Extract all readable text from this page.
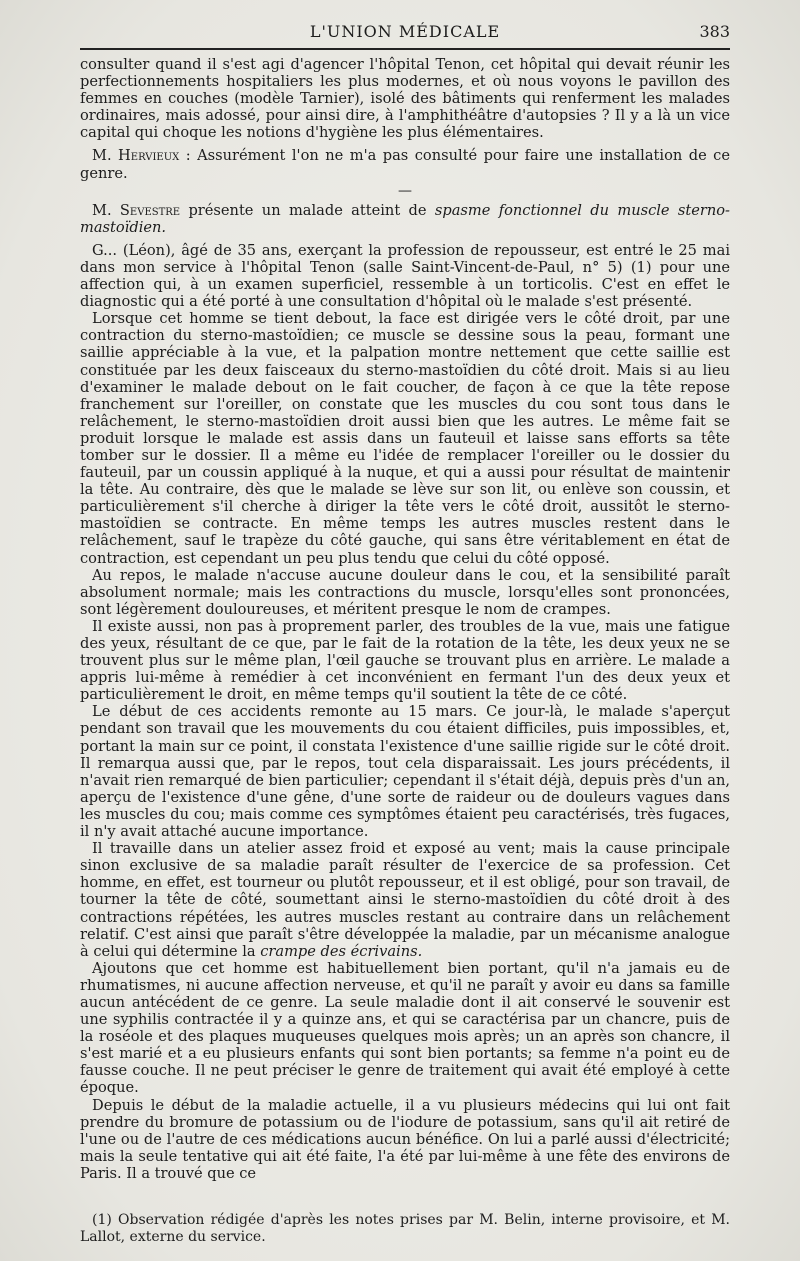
L'UNION MÉDICALE	383

consulter quand il s'est agi d'agencer l'hôpital Tenon, cet hôpital qui devait réunir les perfectionnements hospitaliers les plus modernes, et où nous voyons le pavillon des femmes en couches (modèle Tarnier), isolé des bâtiments qui renferment les malades ordinaires, mais adossé, pour ainsi dire, à l'amphithéâtre d'autopsies ? Il y a là un vice capital qui choque les notions d'hygiène les plus élémentaires.

M. Hervieux : Assurément l'on ne m'a pas consulté pour faire une installation de ce genre.

—

M. Sevestre présente un malade atteint de spasme fonctionnel du muscle sterno-mastoïdien.

G... (Léon), âgé de 35 ans, exerçant la profession de repousseur, est entré le 25 mai dans mon service à l'hôpital Tenon (salle Saint-Vincent-de-Paul, n° 5) (1) pour une affection qui, à un examen superficiel, ressemble à un torticolis. C'est en effet le diagnostic qui a été porté à une consultation d'hôpital où le malade s'est présenté.

Lorsque cet homme se tient debout, la face est dirigée vers le côté droit, par une contraction du sterno-mastoïdien; ce muscle se dessine sous la peau, formant une saillie appréciable à la vue, et la palpation montre nettement que cette saillie est constituée par les deux faisceaux du sterno-mastoïdien du côté droit. Mais si au lieu d'examiner le malade debout on le fait coucher, de façon à ce que la tête repose franchement sur l'oreiller, on constate que les muscles du cou sont tous dans le relâchement, le sterno-mastoïdien droit aussi bien que les autres. Le même fait se produit lorsque le malade est assis dans un fauteuil et laisse sans efforts sa tête tomber sur le dossier. Il a même eu l'idée de remplacer l'oreiller ou le dossier du fauteuil, par un coussin appliqué à la nuque, et qui a aussi pour résultat de maintenir la tête. Au contraire, dès que le malade se lève sur son lit, ou enlève son coussin, et particulièrement s'il cherche à diriger la tête vers le côté droit, aussitôt le sterno-mastoïdien se contracte. En même temps les autres muscles restent dans le relâchement, sauf le trapèze du côté gauche, qui sans être véritablement en état de contraction, est cependant un peu plus tendu que celui du côté opposé.

Au repos, le malade n'accuse aucune douleur dans le cou, et la sensibilité paraît absolument normale; mais les contractions du muscle, lorsqu'elles sont prononcées, sont légèrement douloureuses, et méritent presque le nom de crampes.

Il existe aussi, non pas à proprement parler, des troubles de la vue, mais une fatigue des yeux, résultant de ce que, par le fait de la rotation de la tête, les deux yeux ne se trouvent plus sur le même plan, l'œil gauche se trouvant plus en arrière. Le malade a appris lui-même à remédier à cet inconvénient en fermant l'un des deux yeux et particulièrement le droit, en même temps qu'il soutient la tête de ce côté.

Le début de ces accidents remonte au 15 mars. Ce jour-là, le malade s'aperçut pendant son travail que les mouvements du cou étaient difficiles, puis impossibles, et, portant la main sur ce point, il constata l'existence d'une saillie rigide sur le côté droit. Il remarqua aussi que, par le repos, tout cela disparaissait. Les jours précédents, il n'avait rien remarqué de bien particulier; cependant il s'était déjà, depuis près d'un an, aperçu de l'existence d'une gêne, d'une sorte de raideur ou de douleurs vagues dans les muscles du cou; mais comme ces symptômes étaient peu caractérisés, très fugaces, il n'y avait attaché aucune importance.

Il travaille dans un atelier assez froid et exposé au vent; mais la cause principale sinon exclusive de sa maladie paraît résulter de l'exercice de sa profession. Cet homme, en effet, est tourneur ou plutôt repousseur, et il est obligé, pour son travail, de tourner la tête de côté, soumettant ainsi le sterno-mastoïdien du côté droit à des contractions répétées, les autres muscles restant au contraire dans un relâchement relatif. C'est ainsi que paraît s'être développée la maladie, par un mécanisme analogue à celui qui détermine la crampe des écrivains.

Ajoutons que cet homme est habituellement bien portant, qu'il n'a jamais eu de rhumatismes, ni aucune affection nerveuse, et qu'il ne paraît y avoir eu dans sa famille aucun antécédent de ce genre. La seule maladie dont il ait conservé le souvenir est une syphilis contractée il y a quinze ans, et qui se caractérisa par un chancre, puis de la roséole et des plaques muqueuses quelques mois après; un an après son chancre, il s'est marié et a eu plusieurs enfants qui sont bien portants; sa femme n'a point eu de fausse couche. Il ne peut préciser le genre de traitement qui avait été employé à cette époque.

Depuis le début de la maladie actuelle, il a vu plusieurs médecins qui lui ont fait prendre du bromure de potassium ou de l'iodure de potassium, sans qu'il ait retiré de l'une ou de l'autre de ces médications aucun bénéfice. On lui a parlé aussi d'électricité; mais la seule tentative qui ait été faite, l'a été par lui-même à une fête des environs de Paris. Il a trouvé que ce

(1) Observation rédigée d'après les notes prises par M. Belin, interne provisoire, et M. Lallot, externe du service.
